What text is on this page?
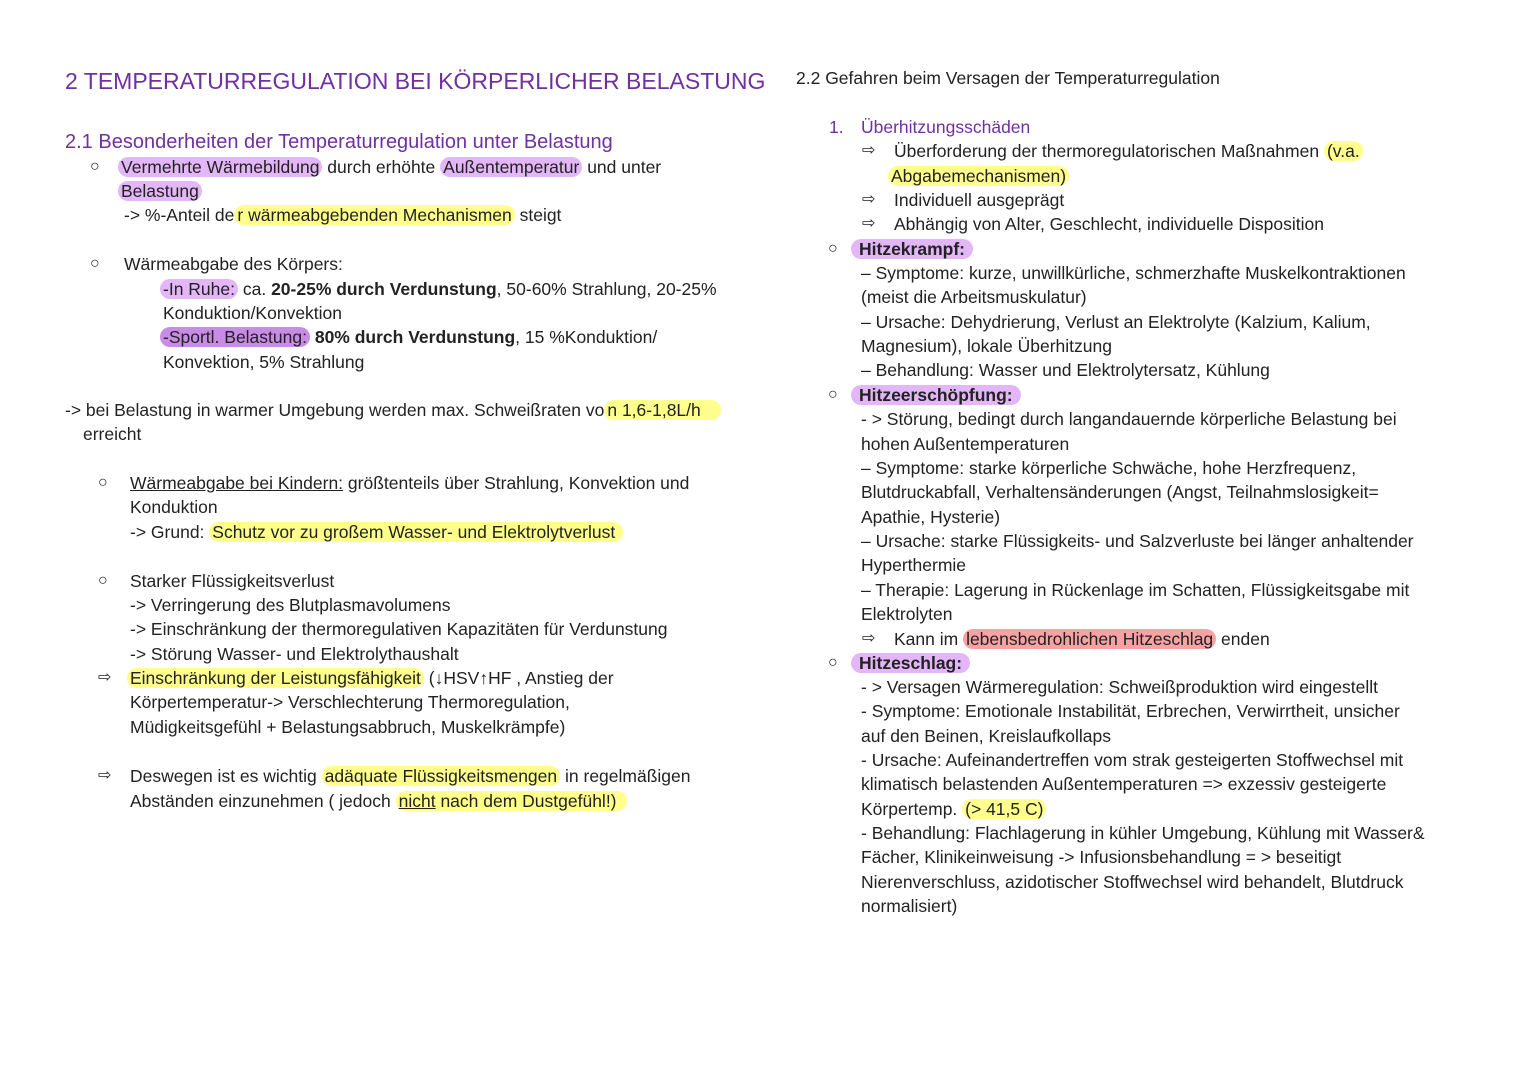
2 TEMPERATURREGULATION BEI KÖRPERLICHER BELASTUNG
2.1 Besonderheiten der Temperaturregulation unter Belastung
○ Vermehrte Wärmebildung durch erhöhte Außentemperatur und unter
Belastung
-> %-Anteil de r wärmeabgebenden Mechanismen steigt
○ Wärmeabgabe des Körpers:
-In Ruhe: ca. 20-25% durch Verdunstung, 50-60% Strahlung, 20-25%
Konduktion/Konvektion
-Sportl. Belastung: 80% durch Verdunstung, 15 %Konduktion/
Konvektion, 5% Strahlung
-> bei Belastung in warmer Umgebung werden max. Schweißraten vo n 1,6-1,8L/h
erreicht
○ Wärmeabgabe bei Kindern: größtenteils über Strahlung, Konvektion und
Konduktion
-> Grund: Schutz vor zu großem Wasser- und Elektrolytverlust
○ Starker Flüssigkeitsverlust
-> Verringerung des Blutplasmavolumens
-> Einschränkung der thermoregulativen Kapazitäten für Verdunstung
-> Störung Wasser- und Elektrolythaushalt
⇨ Einschränkung der Leistungsfähigkeit (↓HSV↑HF , Anstieg der
Körpertemperatur-> Verschlechterung Thermoregulation,
Müdigkeitsgefühl + Belastungsabbruch, Muskelkrämpfe)
⇨ Deswegen ist es wichtig adäquate Flüssigkeitsmengen in regelmäßigen
Abständen einzunehmen ( jedoch nicht nach dem Dustgefühl!)
2.2 Gefahren beim Versagen der Temperaturregulation
1. Überhitzungsschäden
⇨ Überforderung der thermoregulatorischen Maßnahmen (v.a.
Abgabemechanismen)
⇨ Individuell ausgeprägt
⇨ Abhängig von Alter, Geschlecht, individuelle Disposition
○	Hitzekrampf:
– Symptome: kurze, unwillkürliche, schmerzhafte Muskelkontraktionen
(meist die Arbeitsmuskulatur)
– Ursache: Dehydrierung, Verlust an Elektrolyte (Kalzium, Kalium,
Magnesium), lokale Überhitzung
– Behandlung: Wasser und Elektrolytersatz, Kühlung
○	Hitzeerschöpfung:
- > Störung, bedingt durch langandauernde körperliche Belastung bei
hohen Außentemperaturen
– Symptome: starke körperliche Schwäche, hohe Herzfrequenz,
Blutdruckabfall, Verhaltensänderungen (Angst, Teilnahmslosigkeit=
Apathie, Hysterie)
– Ursache: starke Flüssigkeits- und Salzverluste bei länger anhaltender
Hyperthermie
– Therapie: Lagerung in Rückenlage im Schatten, Flüssigkeitsgabe mit
Elektrolyten
⇨ Kann im lebensbedrohlichen Hitzeschlag enden
○	Hitzeschlag:
- > Versagen Wärmeregulation: Schweißproduktion wird eingestellt
- Symptome: Emotionale Instabilität, Erbrechen, Verwirrtheit, unsicher
auf den Beinen, Kreislaufkollaps
- Ursache: Aufeinandertreffen vom strak gesteigerten Stoffwechsel mit
klimatisch belastenden Außentemperaturen => exzessiv gesteigerte
Körpertemp. (> 41,5 C)
- Behandlung: Flachlagerung in kühler Umgebung, Kühlung mit Wasser&
Fächer, Klinikeinweisung -> Infusionsbehandlung = > beseitigt
Nierenverschluss, azidotischer Stoffwechsel wird behandelt, Blutdruck
normalisiert)
